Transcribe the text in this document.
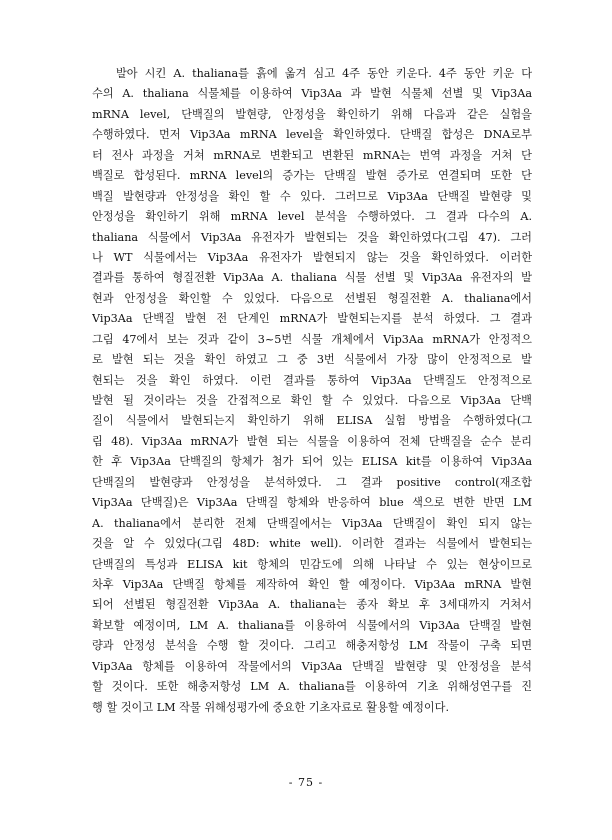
발아 시킨 A. thaliana를 흙에 옮겨 심고 4주 동안 키운다. 4주 동안 키운 다
수의 A. thaliana 식물체를 이용하여 Vip3Aa 과 발현 식물체 선별 및 Vip3Aa
mRNA level, 단백질의 발현량, 안정성을 확인하기 위해 다음과 같은 실험을
수행하였다. 먼저 Vip3Aa mRNA level을 확인하였다. 단백질 합성은 DNA로부
터 전사 과정을 거쳐 mRNA로 변환되고 변환된 mRNA는 번역 과정을 거쳐 단
백질로 합성된다. mRNA level의 증가는 단백질 발현 증가로 연결되며 또한 단
백질 발현량과 안정성을 확인 할 수 있다. 그러므로 Vip3Aa 단백질 발현량 및
안정성을 확인하기 위해 mRNA level 분석을 수행하였다. 그 결과 다수의 A.
thaliana 식물에서 Vip3Aa 유전자가 발현되는 것을 확인하였다(그림 47). 그러
나 WT 식물에서는 Vip3Aa 유전자가 발현되지 않는 것을 확인하였다. 이러한
결과를 통하여 형질전환 Vip3Aa A. thaliana 식물 선별 및 Vip3Aa 유전자의 발
현과 안정성을 확인할 수 있었다. 다음으로 선별된 형질전환 A. thaliana에서
Vip3Aa 단백질 발현 전 단계인 mRNA가 발현되는지를 분석 하였다. 그 결과
그림 47에서 보는 것과 같이 3~5번 식물 개체에서 Vip3Aa mRNA가 안정적으
로 발현 되는 것을 확인 하였고 그 중 3번 식물에서 가장 많이 안정적으로 발
현되는 것을 확인 하였다. 이런 결과를 통하여 Vip3Aa 단백질도 안정적으로
발현 될 것이라는 것을 간접적으로 확인 할 수 있었다. 다음으로 Vip3Aa 단백
질이 식물에서 발현되는지 확인하기 위해 ELISA 실험 방법을 수행하였다(그
림 48). Vip3Aa mRNA가 발현 되는 식물을 이용하여 전체 단백질을 순수 분리
한 후 Vip3Aa 단백질의 항체가 첨가 되어 있는 ELISA kit를 이용하여 Vip3Aa
단백질의 발현량과 안정성을 분석하였다. 그 결과 positive control(재조합
Vip3Aa 단백질)은 Vip3Aa 단백질 항체와 반응하여 blue 색으로 변한 반면 LM
A. thaliana에서 분리한 전체 단백질에서는 Vip3Aa 단백질이 확인 되지 않는
것을 알 수 있었다(그림 48D: white well). 이러한 결과는 식물에서 발현되는
단백질의 특성과 ELISA kit 항체의 민감도에 의해 나타날 수 있는 현상이므로
차후 Vip3Aa 단백질 항체를 제작하여 확인 할 예정이다. Vip3Aa mRNA 발현
되어 선별된 형질전환 Vip3Aa A. thaliana는 종자 확보 후 3세대까지 거쳐서
확보할 예정이며, LM A. thaliana를 이용하여 식물에서의 Vip3Aa 단백질 발현
량과 안정성 분석을 수행 할 것이다. 그리고 해충저항성 LM 작물이 구축 되면
Vip3Aa 항체를 이용하여 작물에서의 Vip3Aa 단백질 발현량 및 안정성을 분석
할 것이다. 또한 해충저항성 LM A. thaliana를 이용하여 기초 위해성연구를 진
행 할 것이고 LM 작물 위해성평가에 중요한 기초자료로 활용할 예정이다.
- 75 -
